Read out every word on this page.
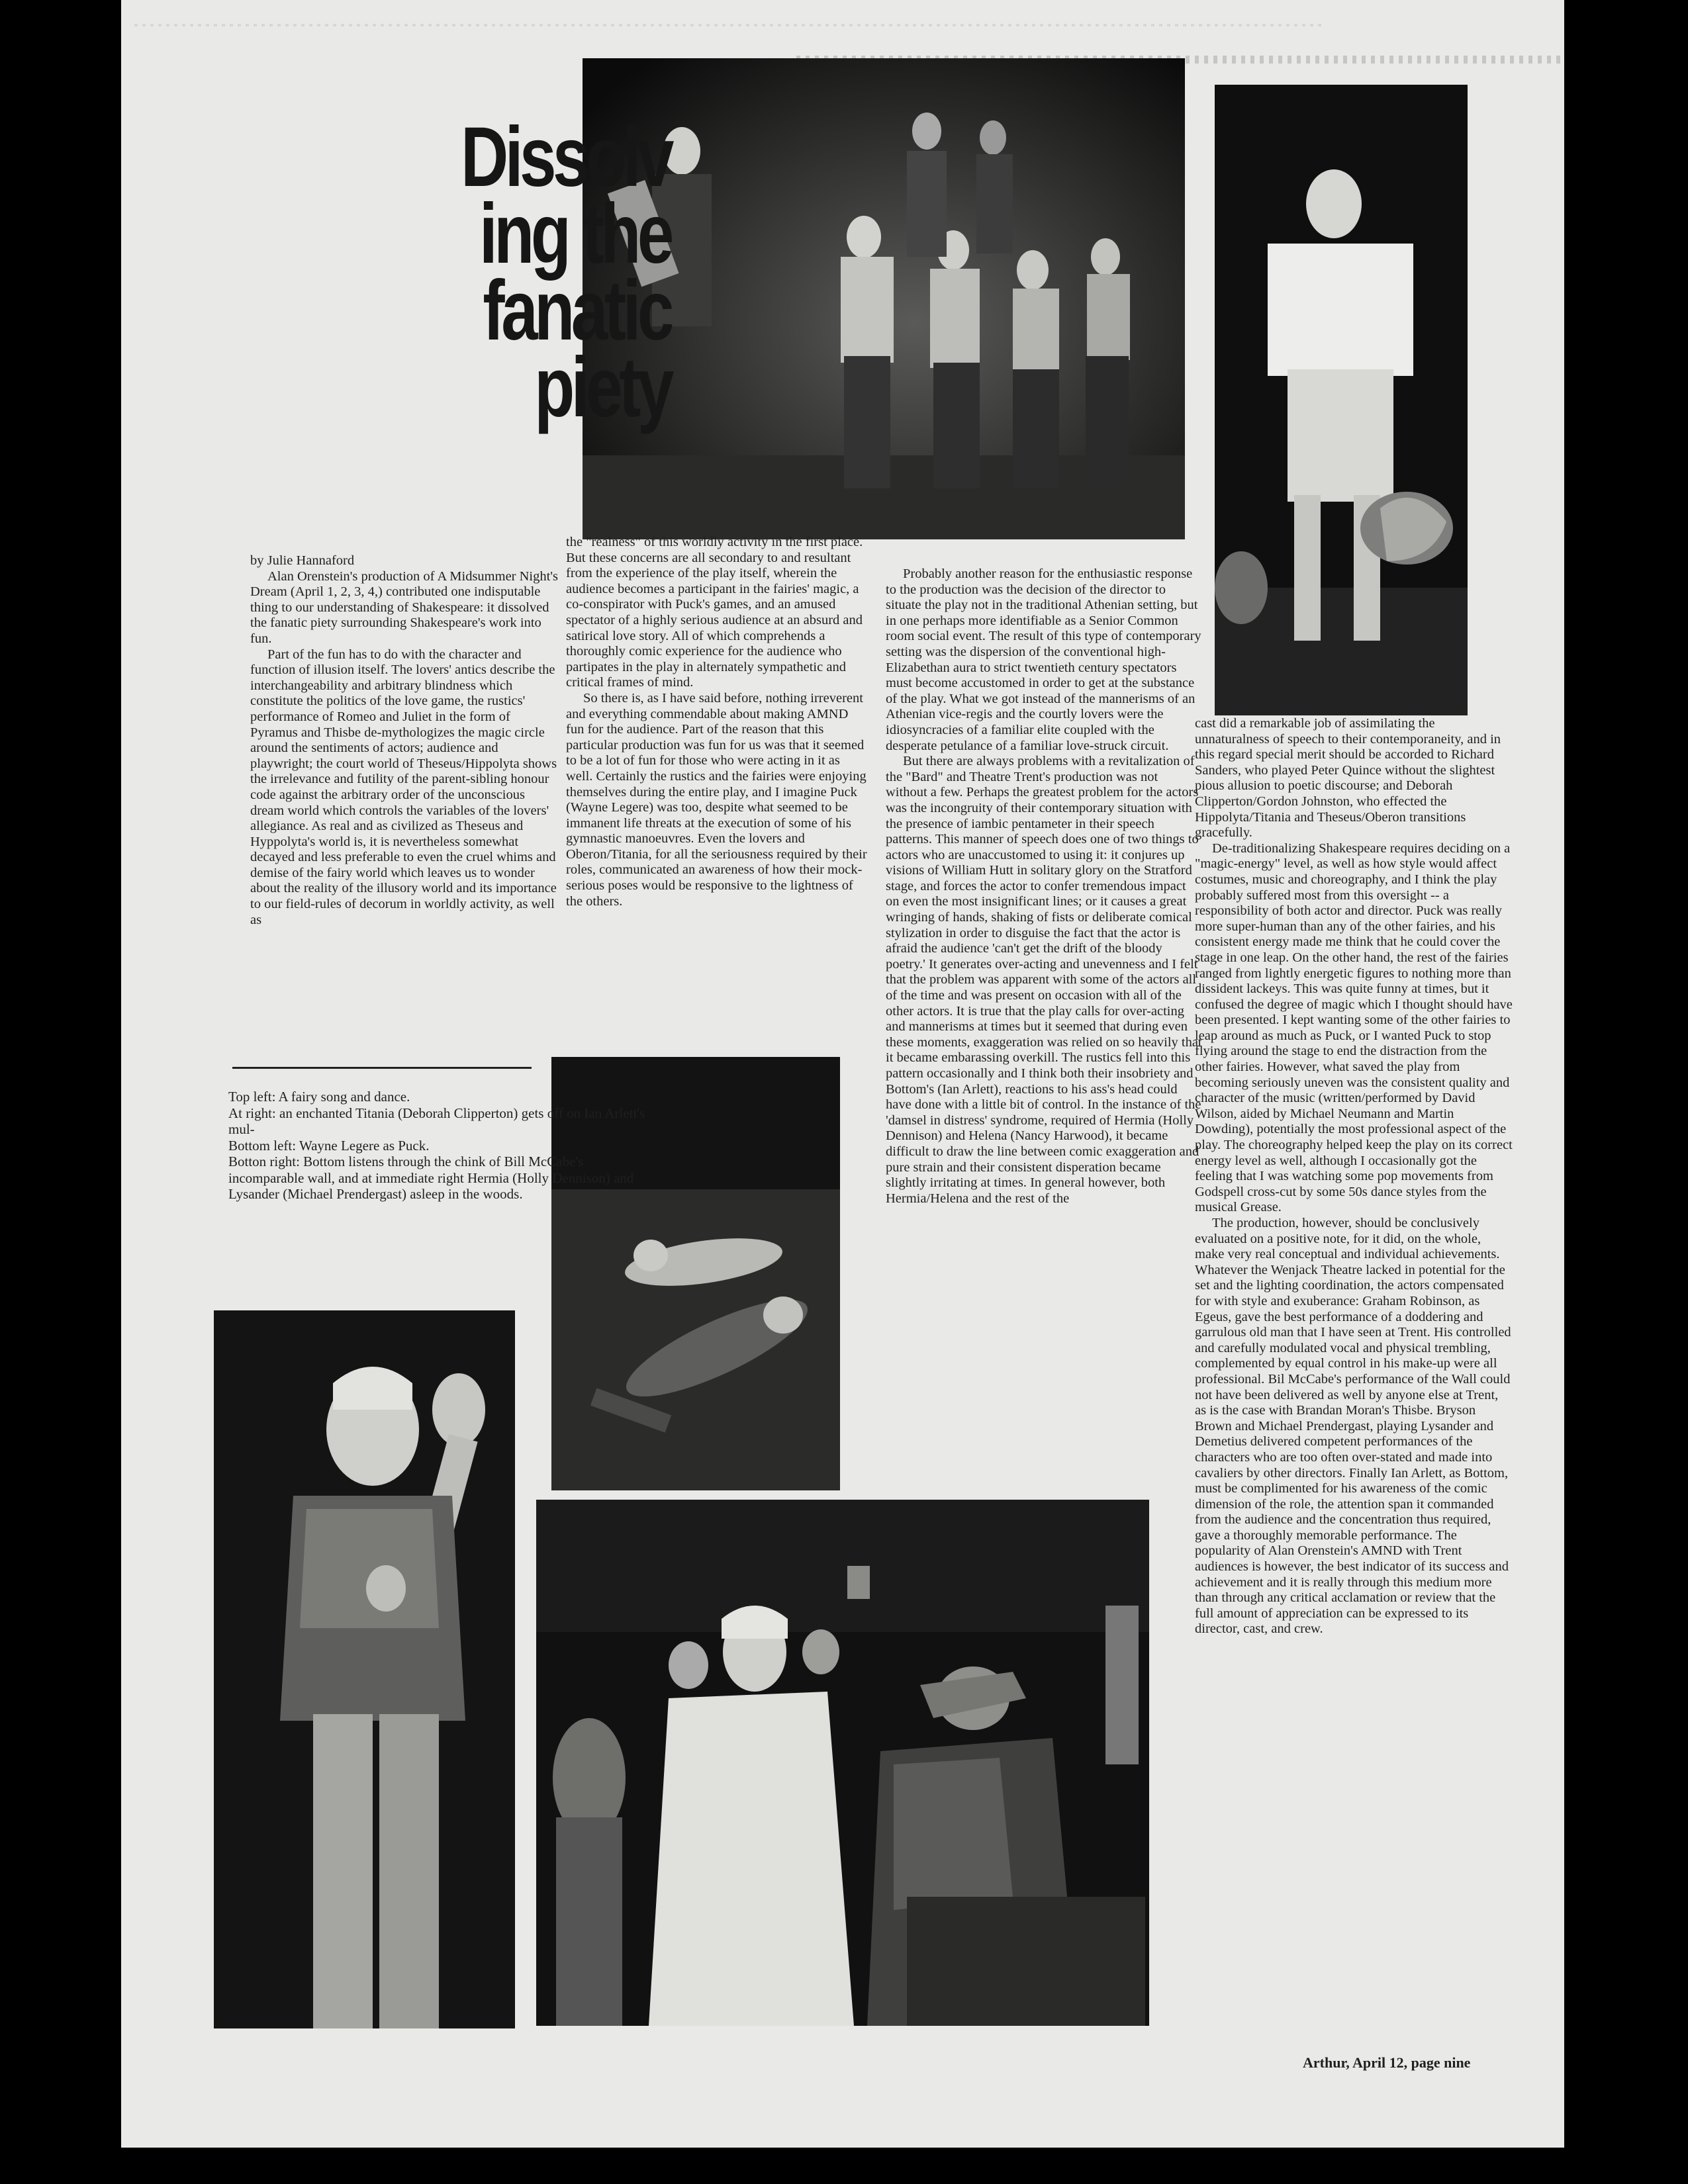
Dissolv
ing the
fanatic
piety

by Julie Hannaford

Alan Orenstein's production of A Midsummer Night's Dream (April 1, 2, 3, 4,) contributed one indisputable thing to our understanding of Shakespeare: it dissolved the fanatic piety surrounding Shakespeare's work into fun.

Part of the fun has to do with the character and function of illusion itself. The lovers' antics describe the interchangeability and arbitrary blindness which constitute the politics of the love game, the rustics' performance of Romeo and Juliet in the form of Pyramus and Thisbe de-mythologizes the magic circle around the sentiments of actors; audience and playwright; the court world of Theseus/Hippolyta shows the irrelevance and futility of the parent-sibling honour code against the arbitrary order of the unconscious dream world which controls the variables of the lovers' allegiance. As real and as civilized as Theseus and Hyppolyta's world is, it is nevertheless somewhat decayed and less preferable to even the cruel whims and demise of the fairy world which leaves us to wonder about the reality of the illusory world and its importance to our field-rules of decorum in worldly activity, as well as

Top left: A fairy song and dance.

At right: an enchanted Titania (Deborah Clipperton) gets off on Ian Arlett's mul-

Bottom left: Wayne Legere as Puck.

Botton right: Bottom listens through the chink of Bill McCabe's incomparable wall, and at immediate right Hermia (Holly Dennison) and Lysander (Michael Prendergast) asleep in the woods.

the "realness" of this worldly activity in the first place. But these concerns are all secondary to and resultant from the experience of the play itself, wherein the audience becomes a participant in the fairies' magic, a co-conspirator with Puck's games, and an amused spectator of a highly serious audience at an absurd and satirical love story. All of which comprehends a thoroughly comic experience for the audience who partipates in the play in alternately sympathetic and critical frames of mind.

So there is, as I have said before, nothing irreverent and everything commendable about making AMND fun for the audience. Part of the reason that this particular production was fun for us was that it seemed to be a lot of fun for those who were acting in it as well. Certainly the rustics and the fairies were enjoying themselves during the entire play, and I imagine Puck (Wayne Legere) was too, despite what seemed to be immanent life threats at the execution of some of his gymnastic manoeuvres. Even the lovers and Oberon/Titania, for all the seriousness required by their roles, communicated an awareness of how their mock-serious poses would be responsive to the lightness of the others.

Probably another reason for the enthusiastic response to the production was the decision of the director to situate the play not in the traditional Athenian setting, but in one perhaps more identifiable as a Senior Common room social event. The result of this type of contemporary setting was the dispersion of the conventional high-Elizabethan aura to strict twentieth century spectators must become accustomed in order to get at the substance of the play. What we got instead of the mannerisms of an Athenian vice-regis and the courtly lovers were the idiosyncracies of a familiar elite coupled with the desperate petulance of a familiar love-struck circuit.

But there are always problems with a revitalization of the "Bard" and Theatre Trent's production was not without a few. Perhaps the greatest problem for the actors was the incongruity of their contemporary situation with the presence of iambic pentameter in their speech patterns. This manner of speech does one of two things to actors who are unaccustomed to using it: it conjures up visions of William Hutt in solitary glory on the Stratford stage, and forces the actor to confer tremendous impact on even the most insignificant lines; or it causes a great wringing of hands, shaking of fists or deliberate comical stylization in order to disguise the fact that the actor is afraid the audience 'can't get the drift of the bloody poetry.' It generates over-acting and unevenness and I felt that the problem was apparent with some of the actors all of the time and was present on occasion with all of the other actors. It is true that the play calls for over-acting and mannerisms at times but it seemed that during even these moments, exaggeration was relied on so heavily that it became embarassing overkill. The rustics fell into this pattern occasionally and I think both their insobriety and Bottom's (Ian Arlett), reactions to his ass's head could have done with a little bit of control. In the instance of the 'damsel in distress' syndrome, required of Hermia (Holly Dennison) and Helena (Nancy Harwood), it became difficult to draw the line between comic exaggeration and pure strain and their consistent disperation became slightly irritating at times. In general however, both Hermia/Helena and the rest of the

cast did a remarkable job of assimilating the unnaturalness of speech to their contemporaneity, and in this regard special merit should be accorded to Richard Sanders, who played Peter Quince without the slightest pious allusion to poetic discourse; and Deborah Clipperton/Gordon Johnston, who effected the Hippolyta/Titania and Theseus/Oberon transitions gracefully.

De-traditionalizing Shakespeare requires deciding on a "magic-energy" level, as well as how style would affect costumes, music and choreography, and I think the play probably suffered most from this oversight -- a responsibility of both actor and director. Puck was really more super-human than any of the other fairies, and his consistent energy made me think that he could cover the stage in one leap. On the other hand, the rest of the fairies ranged from lightly energetic figures to nothing more than dissident lackeys. This was quite funny at times, but it confused the degree of magic which I thought should have been presented. I kept wanting some of the other fairies to leap around as much as Puck, or I wanted Puck to stop flying around the stage to end the distraction from the other fairies. However, what saved the play from becoming seriously uneven was the consistent quality and character of the music (written/performed by David Wilson, aided by Michael Neumann and Martin Dowding), potentially the most professional aspect of the play. The choreography helped keep the play on its correct energy level as well, although I occasionally got the feeling that I was watching some pop movements from Godspell cross-cut by some 50s dance styles from the musical Grease.

The production, however, should be conclusively evaluated on a positive note, for it did, on the whole, make very real conceptual and individual achievements. Whatever the Wenjack Theatre lacked in potential for the set and the lighting coordination, the actors compensated for with style and exuberance: Graham Robinson, as Egeus, gave the best performance of a doddering and garrulous old man that I have seen at Trent. His controlled and carefully modulated vocal and physical trembling, complemented by equal control in his make-up were all professional. Bil McCabe's performance of the Wall could not have been delivered as well by anyone else at Trent, as is the case with Brandan Moran's Thisbe. Bryson Brown and Michael Prendergast, playing Lysander and Demetius delivered competent performances of the characters who are too often over-stated and made into cavaliers by other directors. Finally Ian Arlett, as Bottom, must be complimented for his awareness of the comic dimension of the role, the attention span it commanded from the audience and the concentration thus required, gave a thoroughly memorable performance. The popularity of Alan Orenstein's AMND with Trent audiences is however, the best indicator of its success and achievement and it is really through this medium more than through any critical acclamation or review that the full amount of appreciation can be expressed to its director, cast, and crew.

Arthur, April 12, page nine
